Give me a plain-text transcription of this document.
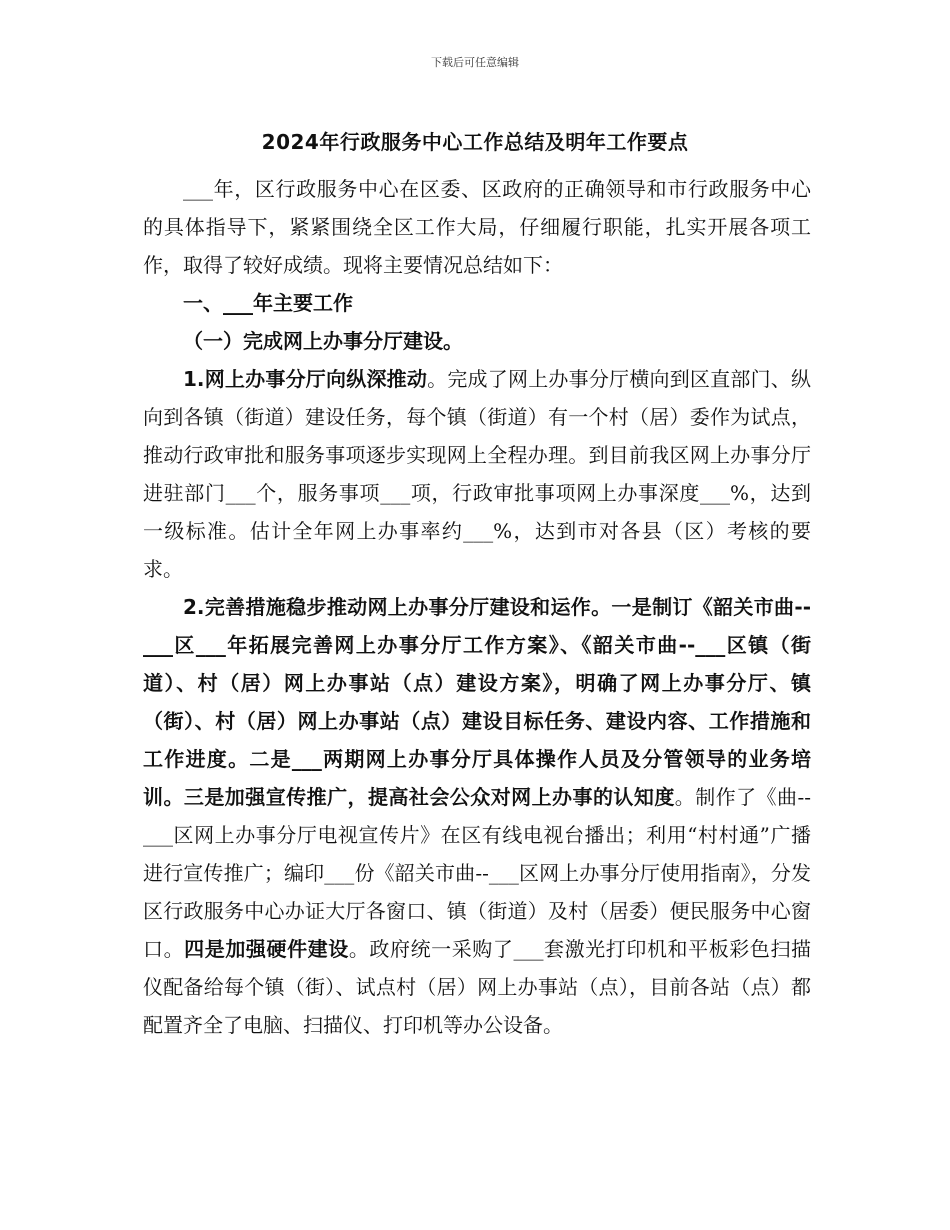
下载后可任意编辑
2024年行政服务中心工作总结及明年工作要点

___年，区行政服务中心在区委、区政府的正确领导和市行政服务中心的具体指导下，紧紧围绕全区工作大局，仔细履行职能，扎实开展各项工作，取得了较好成绩。现将主要情况总结如下：

一、___年主要工作

（一）完成网上办事分厅建设。

1.网上办事分厅向纵深推动。完成了网上办事分厅横向到区直部门、纵向到各镇（街道）建设任务，每个镇（街道）有一个村（居）委作为试点，推动行政审批和服务事项逐步实现网上全程办理。到目前我区网上办事分厅进驻部门___个，服务事项___项，行政审批事项网上办事深度___%，达到一级标准。估计全年网上办事率约___%，达到市对各县（区）考核的要求。

2.完善措施稳步推动网上办事分厅建设和运作。一是制订《韶关市曲--___区___年拓展完善网上办事分厅工作方案》、《韶关市曲--___区镇（街道）、村（居）网上办事站（点）建设方案》，明确了网上办事分厅、镇（街）、村（居）网上办事站（点）建设目标任务、建设内容、工作措施和工作进度。二是___两期网上办事分厅具体操作人员及分管领导的业务培训。三是加强宣传推广，提高社会公众对网上办事的认知度。制作了《曲--___区网上办事分厅电视宣传片》在区有线电视台播出；利用“村村通”广播进行宣传推广；编印___份《韶关市曲--___区网上办事分厅使用指南》，分发区行政服务中心办证大厅各窗口、镇（街道）及村（居委）便民服务中心窗口。四是加强硬件建设。政府统一采购了___套激光打印机和平板彩色扫描仪配备给每个镇（街）、试点村（居）网上办事站（点），目前各站（点）都配置齐全了电脑、扫描仪、打印机等办公设备。
